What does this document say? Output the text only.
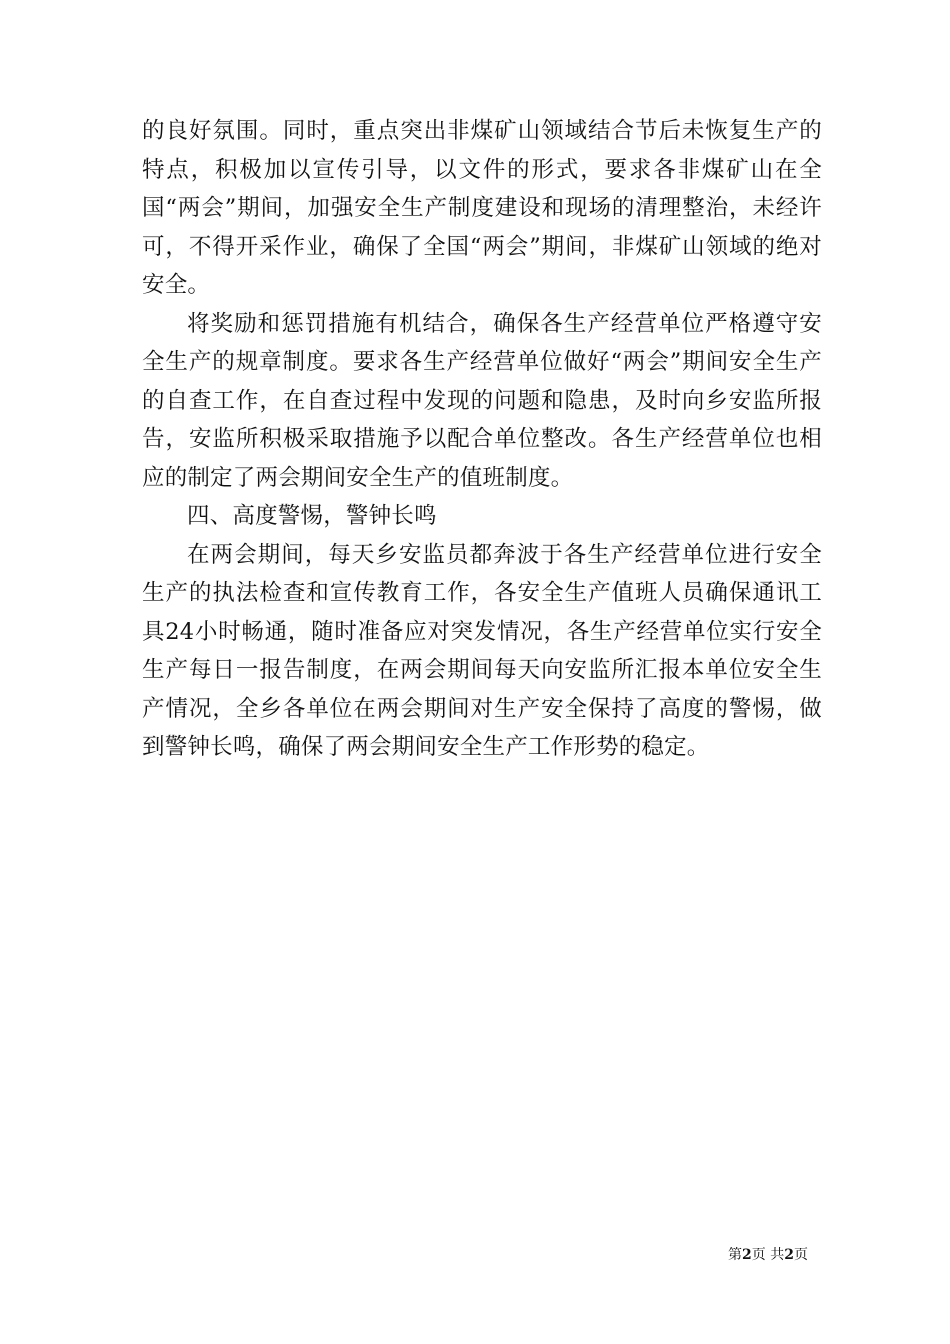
的良好氛围。同时，重点突出非煤矿山领域结合节后未恢复生产的特点，积极加以宣传引导，以文件的形式，要求各非煤矿山在全国“两会”期间，加强安全生产制度建设和现场的清理整治，未经许可，不得开采作业，确保了全国“两会”期间，非煤矿山领域的绝对安全。

将奖励和惩罚措施有机结合，确保各生产经营单位严格遵守安全生产的规章制度。要求各生产经营单位做好“两会”期间安全生产的自查工作，在自查过程中发现的问题和隐患，及时向乡安监所报告，安监所积极采取措施予以配合单位整改。各生产经营单位也相应的制定了两会期间安全生产的值班制度。

四、高度警惕，警钟长鸣

在两会期间，每天乡安监员都奔波于各生产经营单位进行安全生产的执法检查和宣传教育工作，各安全生产值班人员确保通讯工具24小时畅通，随时准备应对突发情况，各生产经营单位实行安全生产每日一报告制度，在两会期间每天向安监所汇报本单位安全生产情况，全乡各单位在两会期间对生产安全保持了高度的警惕，做到警钟长鸣，确保了两会期间安全生产工作形势的稳定。

第2页 共2页
